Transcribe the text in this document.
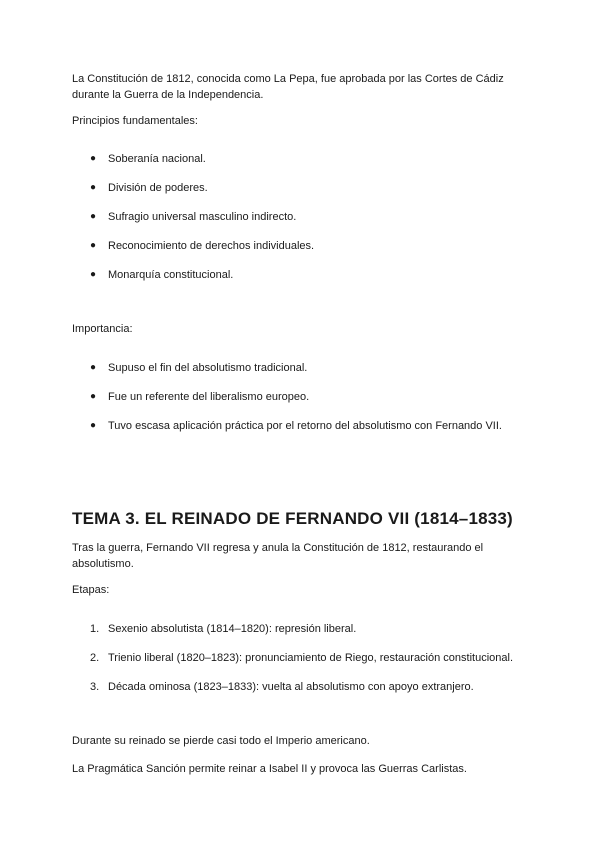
La Constitución de 1812, conocida como La Pepa, fue aprobada por las Cortes de Cádiz
durante la Guerra de la Independencia.

Principios fundamentales:

●	Soberanía nacional.
●	División de poderes.
●	Sufragio universal masculino indirecto.
●	Reconocimiento de derechos individuales.
●	Monarquía constitucional.

Importancia:

●	Supuso el fin del absolutismo tradicional.
●	Fue un referente del liberalismo europeo.
●	Tuvo escasa aplicación práctica por el retorno del absolutismo con Fernando VII.
TEMA 3. EL REINADO DE FERNANDO VII (1814–1833)

Tras la guerra, Fernando VII regresa y anula la Constitución de 1812, restaurando el
absolutismo.

Etapas:

1. Sexenio absolutista (1814–1820): represión liberal.
2. Trienio liberal (1820–1823): pronunciamiento de Riego, restauración constitucional.
3. Década ominosa (1823–1833): vuelta al absolutismo con apoyo extranjero.

Durante su reinado se pierde casi todo el Imperio americano.

La Pragmática Sanción permite reinar a Isabel II y provoca las Guerras Carlistas.
